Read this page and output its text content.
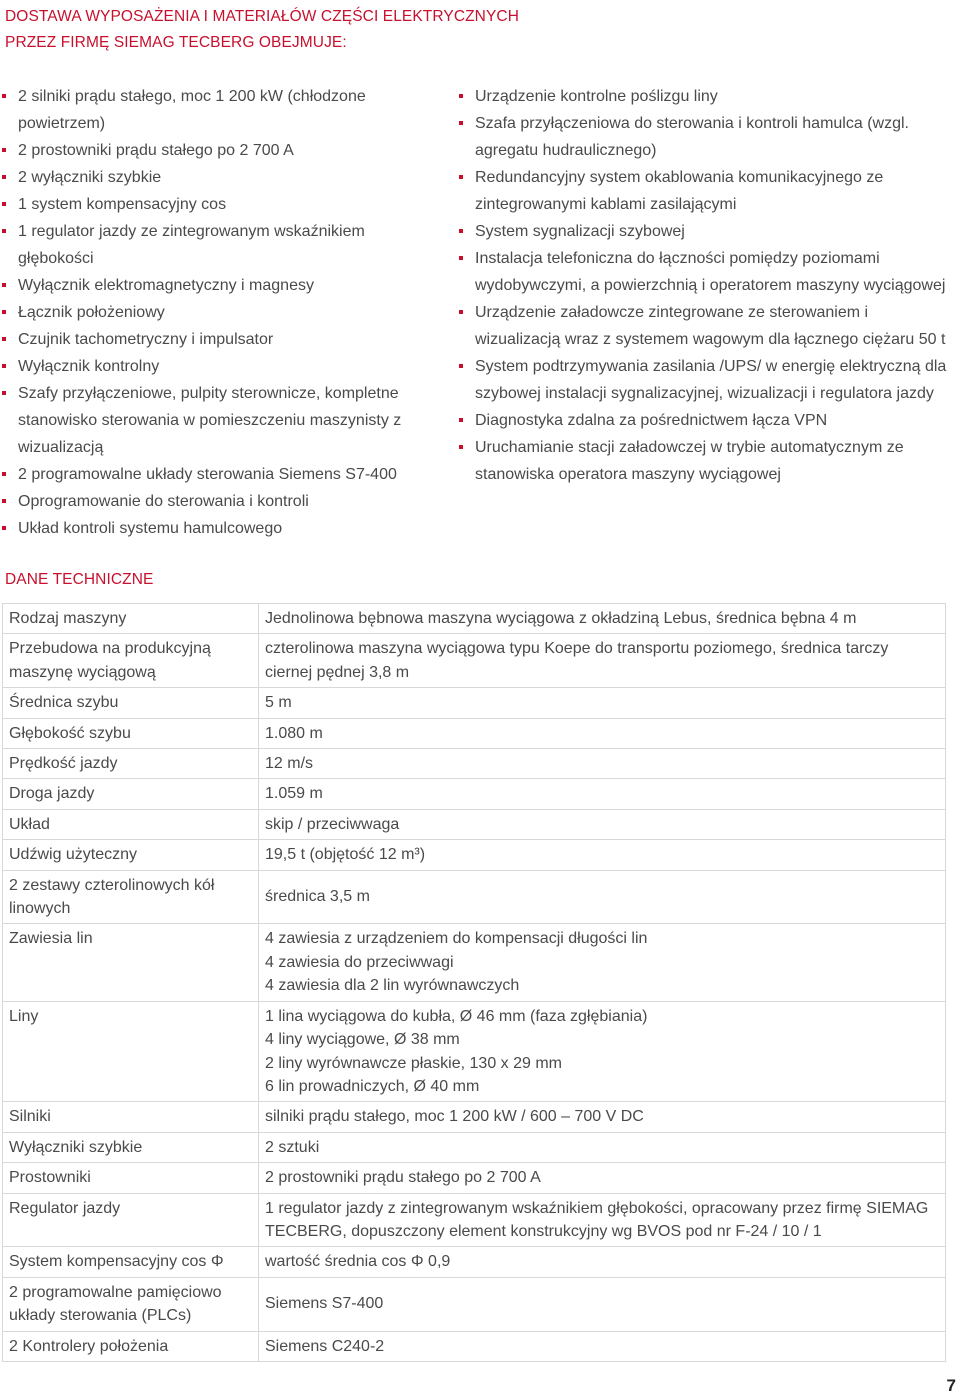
DOSTAWA WYPOSAŻENIA I MATERIAŁÓW CZĘŚCI ELEKTRYCZNYCH
PRZEZ FIRMĘ SIEMAG TECBERG OBEJMUJE:
2 silniki prądu stałego, moc 1 200 kW (chłodzone powietrzem)
2 prostowniki prądu stałego po 2 700 A
2 wyłączniki szybkie
1 system kompensacyjny cos
1 regulator jazdy ze zintegrowanym wskaźnikiem głębokości
Wyłącznik elektromagnetyczny i magnesy
Łącznik położeniowy
Czujnik tachometryczny i impulsator
Wyłącznik kontrolny
Szafy przyłączeniowe, pulpity sterownicze, kompletne stanowisko sterowania w pomieszczeniu maszynisty z wizualizacją
2 programowalne układy sterowania Siemens S7-400
Oprogramowanie do sterowania i kontroli
Układ kontroli systemu hamulcowego
Urządzenie kontrolne poślizgu liny
Szafa przyłączeniowa do sterowania i kontroli hamulca (wzgl. agregatu hudraulicznego)
Redundancyjny system okablowania komunikacyjnego ze zintegrowanymi kablami zasilającymi
System sygnalizacji szybowej
Instalacja telefoniczna do łączności pomiędzy poziomami wydobywczymi, a powierzchnią i operatorem maszyny wyciągowej
Urządzenie załadowcze zintegrowane ze sterowaniem i wizualizacją wraz z systemem wagowym dla łącznego ciężaru 50 t
System podtrzymywania zasilania /UPS/ w energię elektryczną dla szybowej instalacji sygnalizacyjnej, wizualizacji i regulatora jazdy
Diagnostyka zdalna za pośrednictwem łącza VPN
Uruchamianie stacji załadowczej w trybie automatycznym ze stanowiska operatora maszyny wyciągowej
DANE TECHNICZNE
Rodzaj maszyny	Jednolinowa bębnowa maszyna wyciągowa z okładziną Lebus, średnica bębna 4 m

Przebudowa na produkcyjną maszynę wyciągową	czterolinowa maszyna wyciągowa typu Koepe do transportu poziomego, średnica tarczy ciernej pędnej 3,8 m

Średnica szybu	5 m

Głębokość szybu	1.080 m

Prędkość jazdy	12 m/s

Droga jazdy	1.059 m

Układ	skip / przeciwwaga

Udźwig użyteczny	19,5 t (objętość 12 m³)

2 zestawy czterolinowych kół linowych	średnica 3,5 m

Zawiesia lin	4 zawiesia z urządzeniem do kompensacji długości lin
4 zawiesia do przeciwwagi
4 zawiesia dla 2 lin wyrównawczych

Liny	1 lina wyciągowa do kubła, Ø 46 mm (faza zgłębiania)
4 liny wyciągowe, Ø 38 mm
2 liny wyrównawcze płaskie, 130 x 29 mm
6 lin prowadniczych, Ø 40 mm

Silniki	silniki prądu stałego, moc 1 200 kW / 600 – 700 V DC

Wyłączniki szybkie	2 sztuki

Prostowniki	2 prostowniki prądu stałego po 2 700 A

Regulator jazdy	1 regulator jazdy z zintegrowanym wskaźnikiem głębokości, opracowany przez firmę SIEMAG TECBERG, dopuszczony element konstrukcyjny wg BVOS pod nr F-24 / 10 / 1

System kompensacyjny cos Φ	wartość średnia cos Φ 0,9

2 programowalne pamięciowo układy sterowania (PLCs)	Siemens S7-400

2 Kontrolery położenia	Siemens C240-2
7
